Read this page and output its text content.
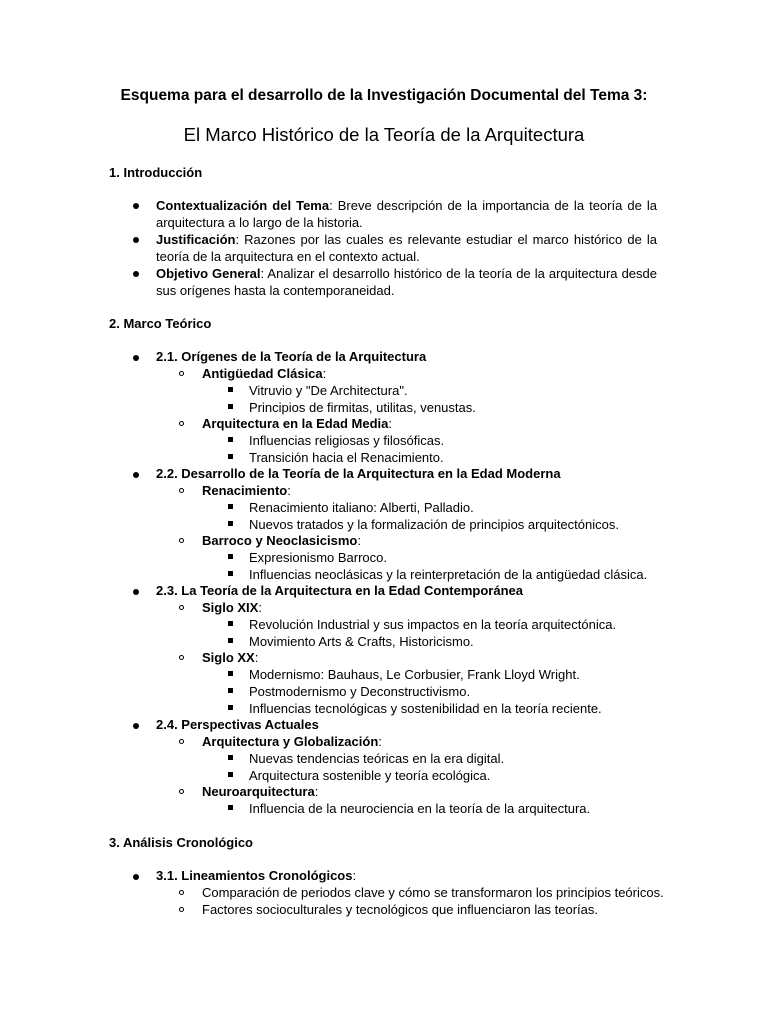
Esquema para el desarrollo de la Investigación Documental del Tema 3:
El Marco Histórico de la Teoría de la Arquitectura
1. Introducción
Contextualización del Tema: Breve descripción de la importancia de la teoría de la arquitectura a lo largo de la historia.
Justificación: Razones por las cuales es relevante estudiar el marco histórico de la teoría de la arquitectura en el contexto actual.
Objetivo General: Analizar el desarrollo histórico de la teoría de la arquitectura desde sus orígenes hasta la contemporaneidad.
2. Marco Teórico
2.1. Orígenes de la Teoría de la Arquitectura
Antigüedad Clásica:
Vitruvio y "De Architectura".
Principios de firmitas, utilitas, venustas.
Arquitectura en la Edad Media:
Influencias religiosas y filosóficas.
Transición hacia el Renacimiento.
2.2. Desarrollo de la Teoría de la Arquitectura en la Edad Moderna
Renacimiento:
Renacimiento italiano: Alberti, Palladio.
Nuevos tratados y la formalización de principios arquitectónicos.
Barroco y Neoclasicismo:
Expresionismo Barroco.
Influencias neoclásicas y la reinterpretación de la antigüedad clásica.
2.3. La Teoría de la Arquitectura en la Edad Contemporánea
Siglo XIX:
Revolución Industrial y sus impactos en la teoría arquitectónica.
Movimiento Arts & Crafts, Historicismo.
Siglo XX:
Modernismo: Bauhaus, Le Corbusier, Frank Lloyd Wright.
Postmodernismo y Deconstructivismo.
Influencias tecnológicas y sostenibilidad en la teoría reciente.
2.4. Perspectivas Actuales
Arquitectura y Globalización:
Nuevas tendencias teóricas en la era digital.
Arquitectura sostenible y teoría ecológica.
Neuroarquitectura:
Influencia de la neurociencia en la teoría de la arquitectura.
3. Análisis Cronológico
3.1. Lineamientos Cronológicos:
Comparación de periodos clave y cómo se transformaron los principios teóricos.
Factores socioculturales y tecnológicos que influenciaron las teorías.
